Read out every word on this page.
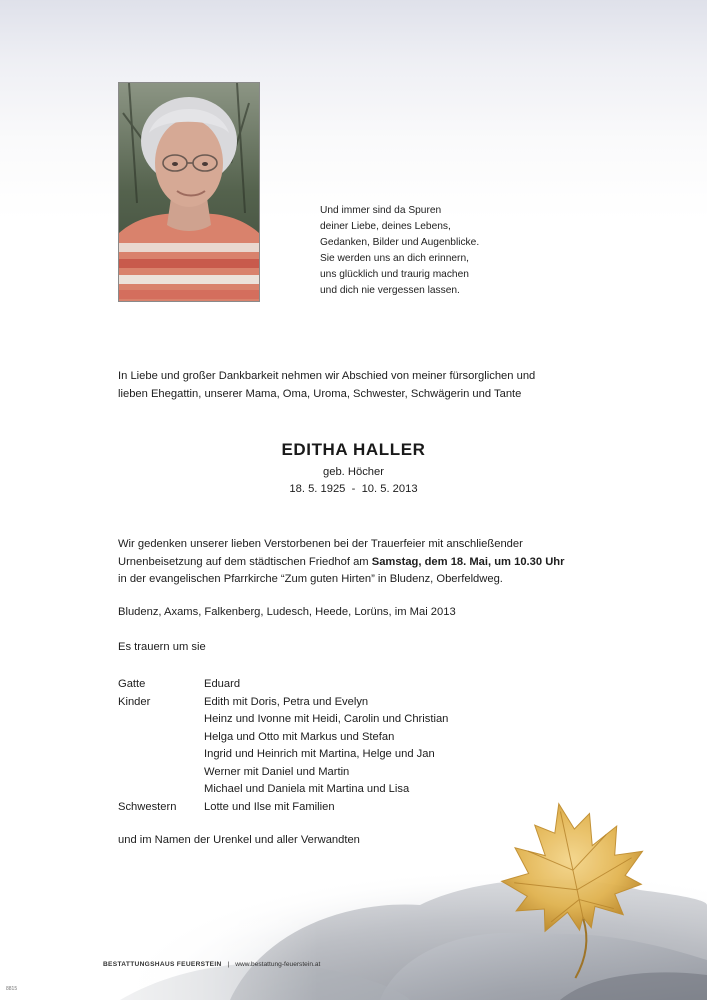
Und immer sind da Spuren
deiner Liebe, deines Lebens,
Gedanken, Bilder und Augenblicke.
Sie werden uns an dich erinnern,
uns glücklich und traurig machen
und dich nie vergessen lassen.
In Liebe und großer Dankbarkeit nehmen wir Abschied von meiner fürsorglichen und
lieben Ehegattin, unserer Mama, Oma, Uroma, Schwester, Schwägerin und Tante
EDITHA HALLER
geb. Höcher
18. 5. 1925  -  10. 5. 2013
Wir gedenken unserer lieben Verstorbenen bei der Trauerfeier mit anschließender
Urnenbeisetzung auf dem städtischen Friedhof am Samstag, dem 18. Mai, um 10.30 Uhr
in der evangelischen Pfarrkirche “Zum guten Hirten” in Bludenz, Oberfeldweg.
Bludenz, Axams, Falkenberg, Ludesch, Heede, Lorüns, im Mai 2013
Es trauern um sie
Gatte	Eduard
Kinder	Edith mit Doris, Petra und Evelyn
Heinz und Ivonne mit Heidi, Carolin und Christian
Helga und Otto mit Markus und Stefan
Ingrid und Heinrich mit Martina, Helge und Jan
Werner mit Daniel und Martin
Michael und Daniela mit Martina und Lisa
Schwestern	Lotte und Ilse mit Familien
und im Namen der Urenkel und aller Verwandten
BESTATTUNGSHAUS FEUERSTEIN | www.bestattung-feuerstein.at
8815
